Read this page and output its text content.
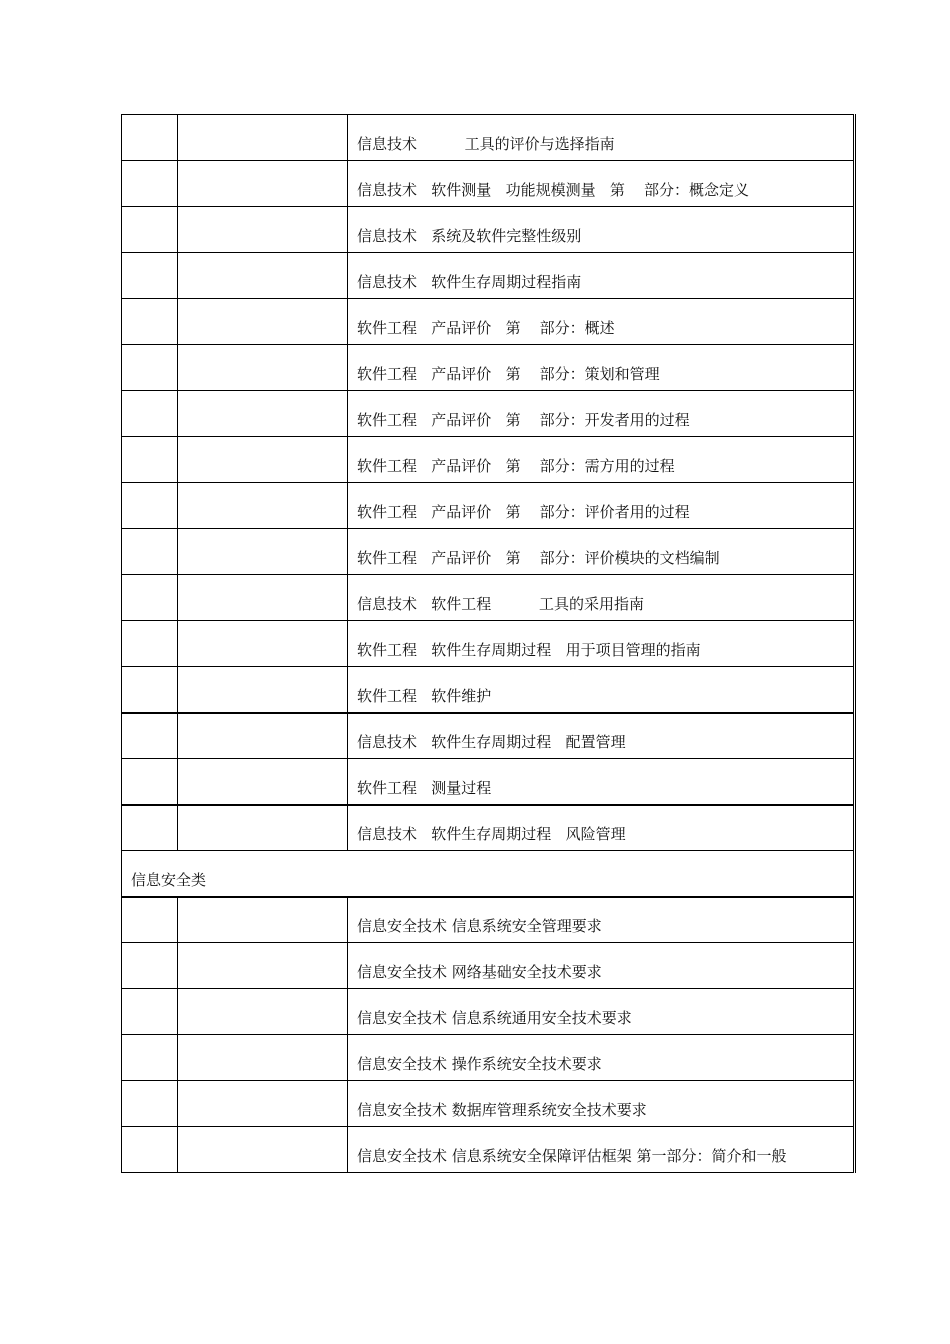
		信息技术          工具的评价与选择指南
		信息技术   软件测量   功能规模测量   第    部分：概念定义
		信息技术   系统及软件完整性级别
		信息技术   软件生存周期过程指南
		软件工程   产品评价   第    部分：概述
		软件工程   产品评价   第    部分：策划和管理
		软件工程   产品评价   第    部分：开发者用的过程
		软件工程   产品评价   第    部分：需方用的过程
		软件工程   产品评价   第    部分：评价者用的过程
		软件工程   产品评价   第    部分：评价模块的文档编制
		信息技术   软件工程          工具的采用指南
		软件工程   软件生存周期过程   用于项目管理的指南
		软件工程   软件维护
		信息技术   软件生存周期过程   配置管理
		软件工程   测量过程
		信息技术   软件生存周期过程   风险管理
信息安全类		
		信息安全技术 信息系统安全管理要求
		信息安全技术 网络基础安全技术要求
		信息安全技术 信息系统通用安全技术要求
		信息安全技术 操作系统安全技术要求
		信息安全技术 数据库管理系统安全技术要求
		信息安全技术 信息系统安全保障评估框架 第一部分：简介和一般
